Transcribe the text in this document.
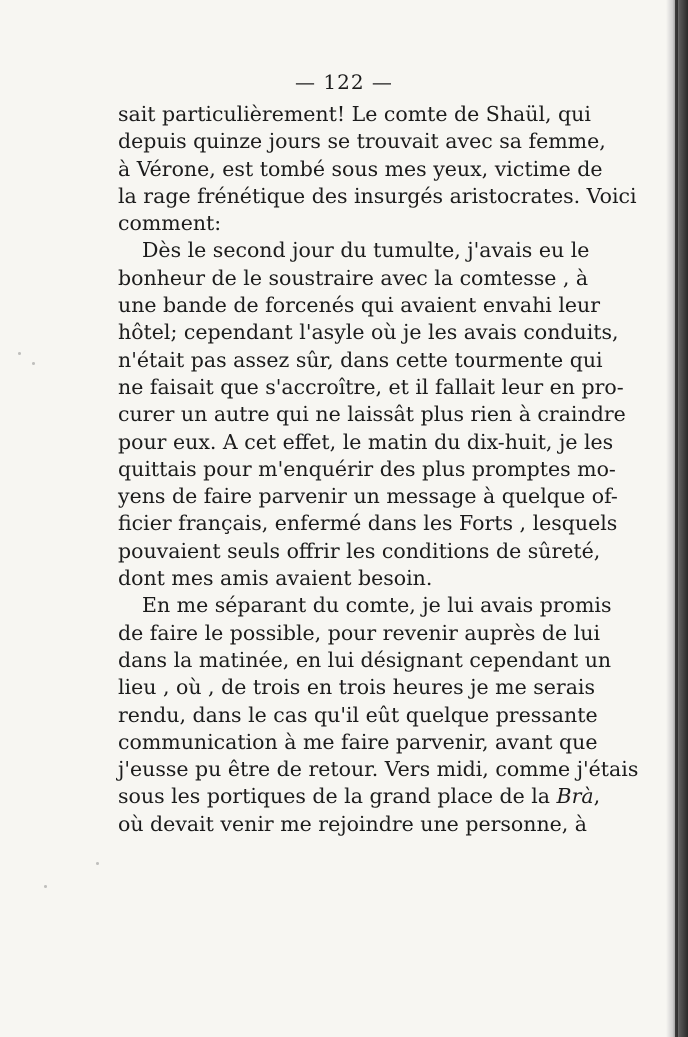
— 122 —
sait particulièrement! Le comte de Shaül, qui
depuis quinze jours se trouvait avec sa femme,
à Vérone, est tombé sous mes yeux, victime de
la rage frénétique des insurgés aristocrates. Voici
comment:
Dès le second jour du tumulte, j'avais eu le
bonheur de le soustraire avec la comtesse , à
une bande de forcenés qui avaient envahi leur
hôtel; cependant l'asyle où je les avais conduits,
n'était pas assez sûr, dans cette tourmente qui
ne faisait que s'accroître, et il fallait leur en pro-
curer un autre qui ne laissât plus rien à craindre
pour eux. A cet effet, le matin du dix-huit, je les
quittais pour m'enquérir des plus promptes mo-
yens de faire parvenir un message à quelque of-
ficier français, enfermé dans les Forts , lesquels
pouvaient seuls offrir les conditions de sûreté,
dont mes amis avaient besoin.
En me séparant du comte, je lui avais promis
de faire le possible, pour revenir auprès de lui
dans la matinée, en lui désignant cependant un
lieu , où , de trois en trois heures je me serais
rendu, dans le cas qu'il eût quelque pressante
communication à me faire parvenir, avant que
j'eusse pu être de retour. Vers midi, comme j'étais
sous les portiques de la grand place de la Brà,
où devait venir me rejoindre une personne, à
